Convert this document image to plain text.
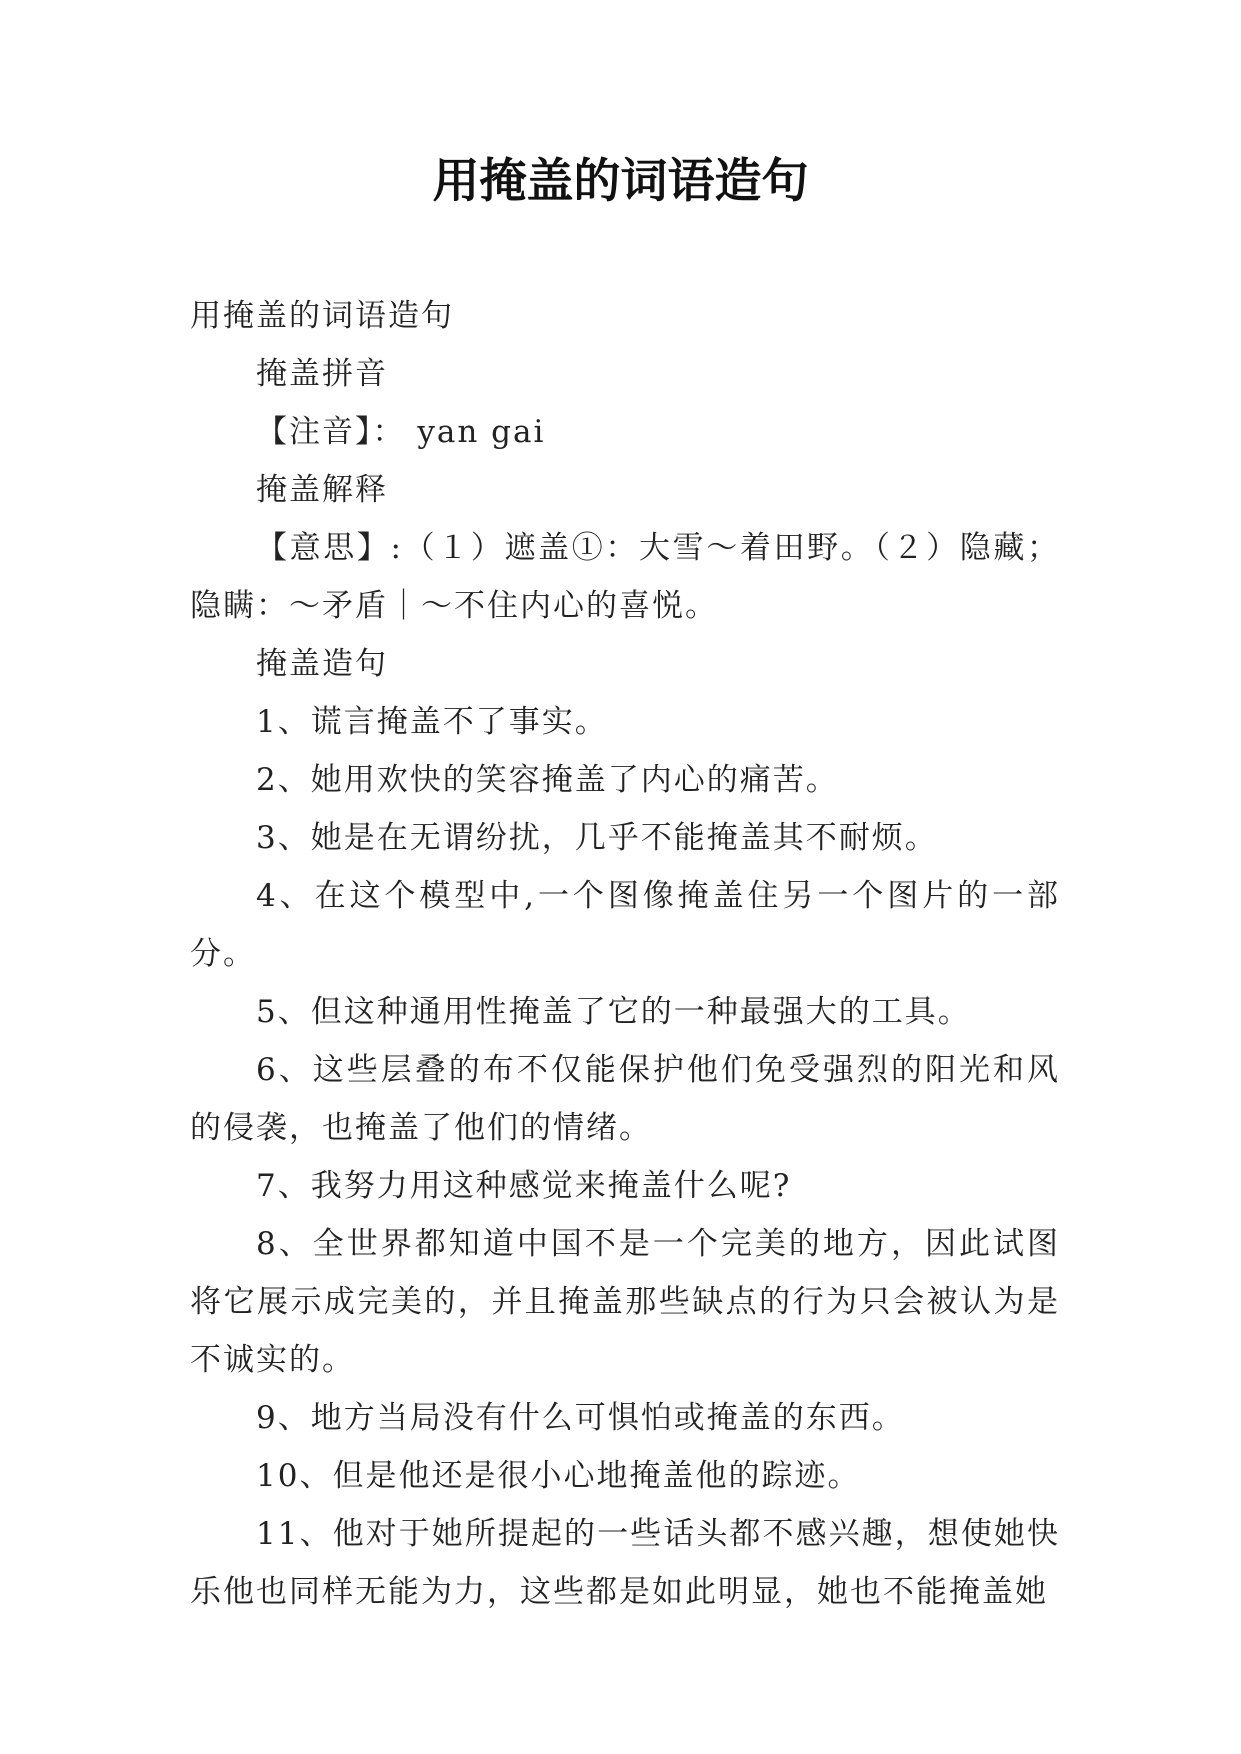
用掩盖的词语造句

用掩盖的词语造句

掩盖拼音

【注音】： yan gai

掩盖解释

【意思】:（１）遮盖①：大雪～着田野。（２）隐藏；隐瞒：～矛盾｜～不住内心的喜悦。

掩盖造句

1、谎言掩盖不了事实。

2、她用欢快的笑容掩盖了内心的痛苦。

3、她是在无谓纷扰，几乎不能掩盖其不耐烦。

4、在这个模型中,一个图像掩盖住另一个图片的一部分。

5、但这种通用性掩盖了它的一种最强大的工具。

6、这些层叠的布不仅能保护他们免受强烈的阳光和风的侵袭，也掩盖了他们的情绪。

7、我努力用这种感觉来掩盖什么呢?

8、全世界都知道中国不是一个完美的地方，因此试图将它展示成完美的，并且掩盖那些缺点的行为只会被认为是不诚实的。

9、地方当局没有什么可惧怕或掩盖的东西。

10、但是他还是很小心地掩盖他的踪迹。

11、他对于她所提起的一些话头都不感兴趣，想使她快乐他也同样无能为力，这些都是如此明显，她也不能掩盖她
